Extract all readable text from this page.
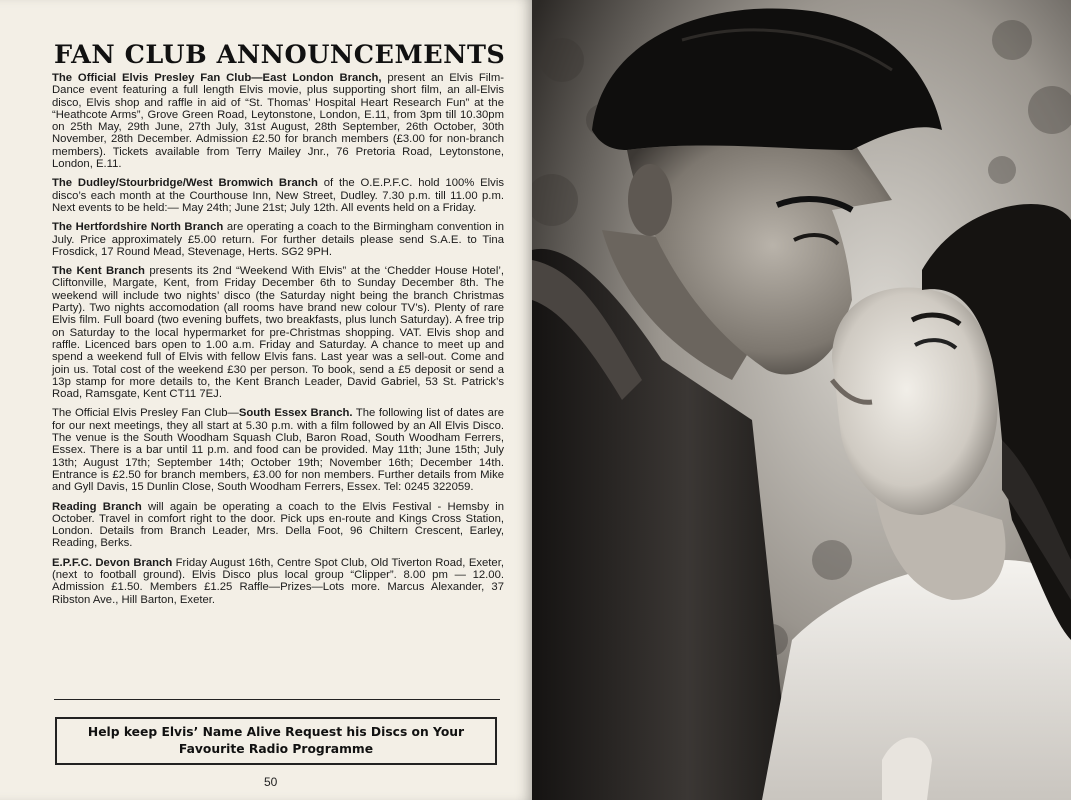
FAN CLUB ANNOUNCEMENTS

The Official Elvis Presley Fan Club—East London Branch, present an Elvis Film-Dance event featuring a full length Elvis movie, plus supporting short film, an all-Elvis disco, Elvis shop and raffle in aid of “St. Thomas’ Hospital Heart Research Fun” at the “Heathcote Arms”, Grove Green Road, Leytonstone, London, E.11, from 3pm till 10.30pm on 25th May, 29th June, 27th July, 31st August, 28th September, 26th October, 30th November, 28th December. Admission £2.50 for branch members (£3.00 for non-branch members). Tickets available from Terry Mailey Jnr., 76 Pretoria Road, Leytonstone, London, E.11.

The Dudley/Stourbridge/West Bromwich Branch of the O.E.P.F.C. hold 100% Elvis disco’s each month at the Courthouse Inn, New Street, Dudley. 7.30 p.m. till 11.00 p.m. Next events to be held:— May 24th; June 21st; July 12th. All events held on a Friday.

The Hertfordshire North Branch are operating a coach to the Birmingham convention in July. Price approximately £5.00 return. For further details please send S.A.E. to Tina Frosdick, 17 Round Mead, Stevenage, Herts. SG2 9PH.

The Kent Branch presents its 2nd “Weekend With Elvis” at the ‘Chedder House Hotel’, Cliftonville, Margate, Kent, from Friday December 6th to Sunday December 8th. The weekend will include two nights’ disco (the Saturday night being the branch Christmas Party). Two nights accomodation (all rooms have brand new colour TV’s). Plenty of rare Elvis film. Full board (two evening buffets, two breakfasts, plus lunch Saturday). A free trip on Saturday to the local hypermarket for pre-Christmas shopping. VAT. Elvis shop and raffle. Licenced bars open to 1.00 a.m. Friday and Saturday. A chance to meet up and spend a weekend full of Elvis with fellow Elvis fans. Last year was a sell-out. Come and join us. Total cost of the weekend £30 per person. To book, send a £5 deposit or send a 13p stamp for more details to, the Kent Branch Leader, David Gabriel, 53 St. Patrick’s Road, Ramsgate, Kent CT11 7EJ.

The Official Elvis Presley Fan Club—South Essex Branch. The following list of dates are for our next meetings, they all start at 5.30 p.m. with a film followed by an All Elvis Disco. The venue is the South Woodham Squash Club, Baron Road, South Woodham Ferrers, Essex. There is a bar until 11 p.m. and food can be provided. May 11th; June 15th; July 13th; August 17th; September 14th; October 19th; November 16th; December 14th. Entrance is £2.50 for branch members, £3.00 for non members. Further details from Mike and Gyll Davis, 15 Dunlin Close, South Woodham Ferrers, Essex. Tel: 0245 322059.

Reading Branch will again be operating a coach to the Elvis Festival - Hemsby in October. Travel in comfort right to the door. Pick ups en-route and Kings Cross Station, London. Details from Branch Leader, Mrs. Della Foot, 96 Chiltern Crescent, Earley, Reading, Berks.

E.P.F.C. Devon Branch Friday August 16th, Centre Spot Club, Old Tiverton Road, Exeter, (next to football ground). Elvis Disco plus local group “Clipper”. 8.00 pm — 12.00. Admission £1.50. Members £1.25 Raffle—Prizes—Lots more. Marcus Alexander, 37 Ribston Ave., Hill Barton, Exeter.

Help keep Elvis’ Name Alive Request his Discs on Your
Favourite Radio Programme
50
